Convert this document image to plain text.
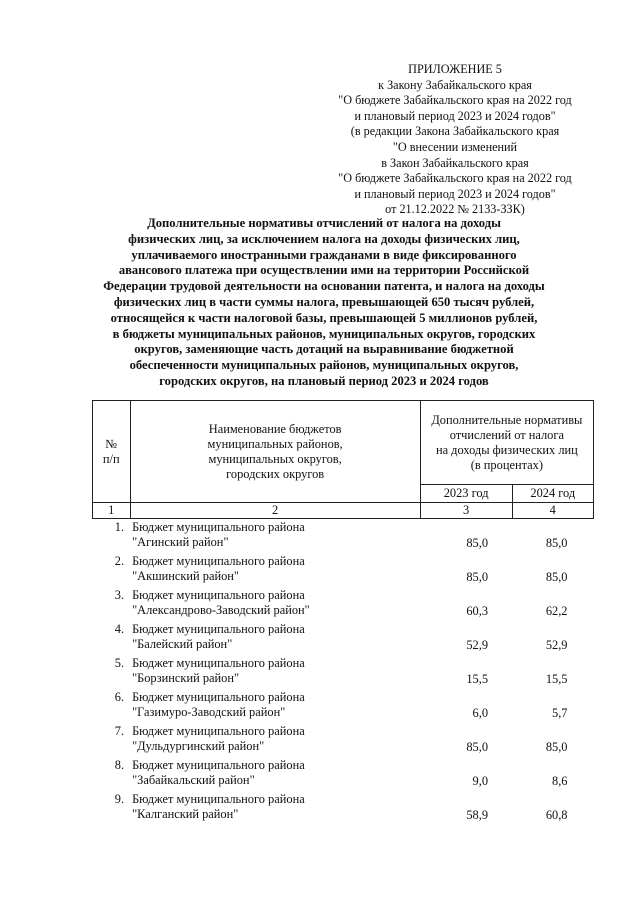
ПРИЛОЖЕНИЕ 5
к Закону Забайкальского края
"О бюджете Забайкальского края на 2022 год
и плановый период 2023 и 2024 годов"
(в редакции Закона Забайкальского края
"О внесении изменений
в Закон Забайкальского края
"О бюджете Забайкальского края на 2022 год
и плановый период 2023 и 2024 годов"
от 21.12.2022 № 2133-ЗЗК)
Дополнительные нормативы отчислений от налога на доходы
физических лиц, за исключением налога на доходы физических лиц,
уплачиваемого иностранными гражданами в виде фиксированного
авансового платежа при осуществлении ими на территории Российской
Федерации трудовой деятельности на основании патента, и налога на доходы
физических лиц в части суммы налога, превышающей 650 тысяч рублей,
относящейся к части налоговой базы, превышающей 5 миллионов рублей,
в бюджеты муниципальных районов, муниципальных округов, городских
округов, заменяющие часть дотаций на выравнивание бюджетной
обеспеченности муниципальных районов, муниципальных округов,
городских округов, на плановый период 2023 и 2024 годов
№
п/п	Наименование бюджетов
муниципальных районов,
муниципальных округов,
городских округов	Дополнительные нормативы
отчислений от налога
на доходы физических лиц
(в процентах)	
		2023 год	2024 год
1	2	3	4
1.	Бюджет муниципального района
"Агинский район"	85,0	85,0
2.	Бюджет муниципального района
"Акшинский район"	85,0	85,0
3.	Бюджет муниципального района
"Александрово-Заводский район"	60,3	62,2
4.	Бюджет муниципального района
"Балейский район"	52,9	52,9
5.	Бюджет муниципального района
"Борзинский район"	15,5	15,5
6.	Бюджет муниципального района
"Газимуро-Заводский район"	6,0	5,7
7.	Бюджет муниципального района
"Дульдургинский район"	85,0	85,0
8.	Бюджет муниципального района
"Забайкальский район"	9,0	8,6
9.	Бюджет муниципального района
"Калганский район"	58,9	60,8
